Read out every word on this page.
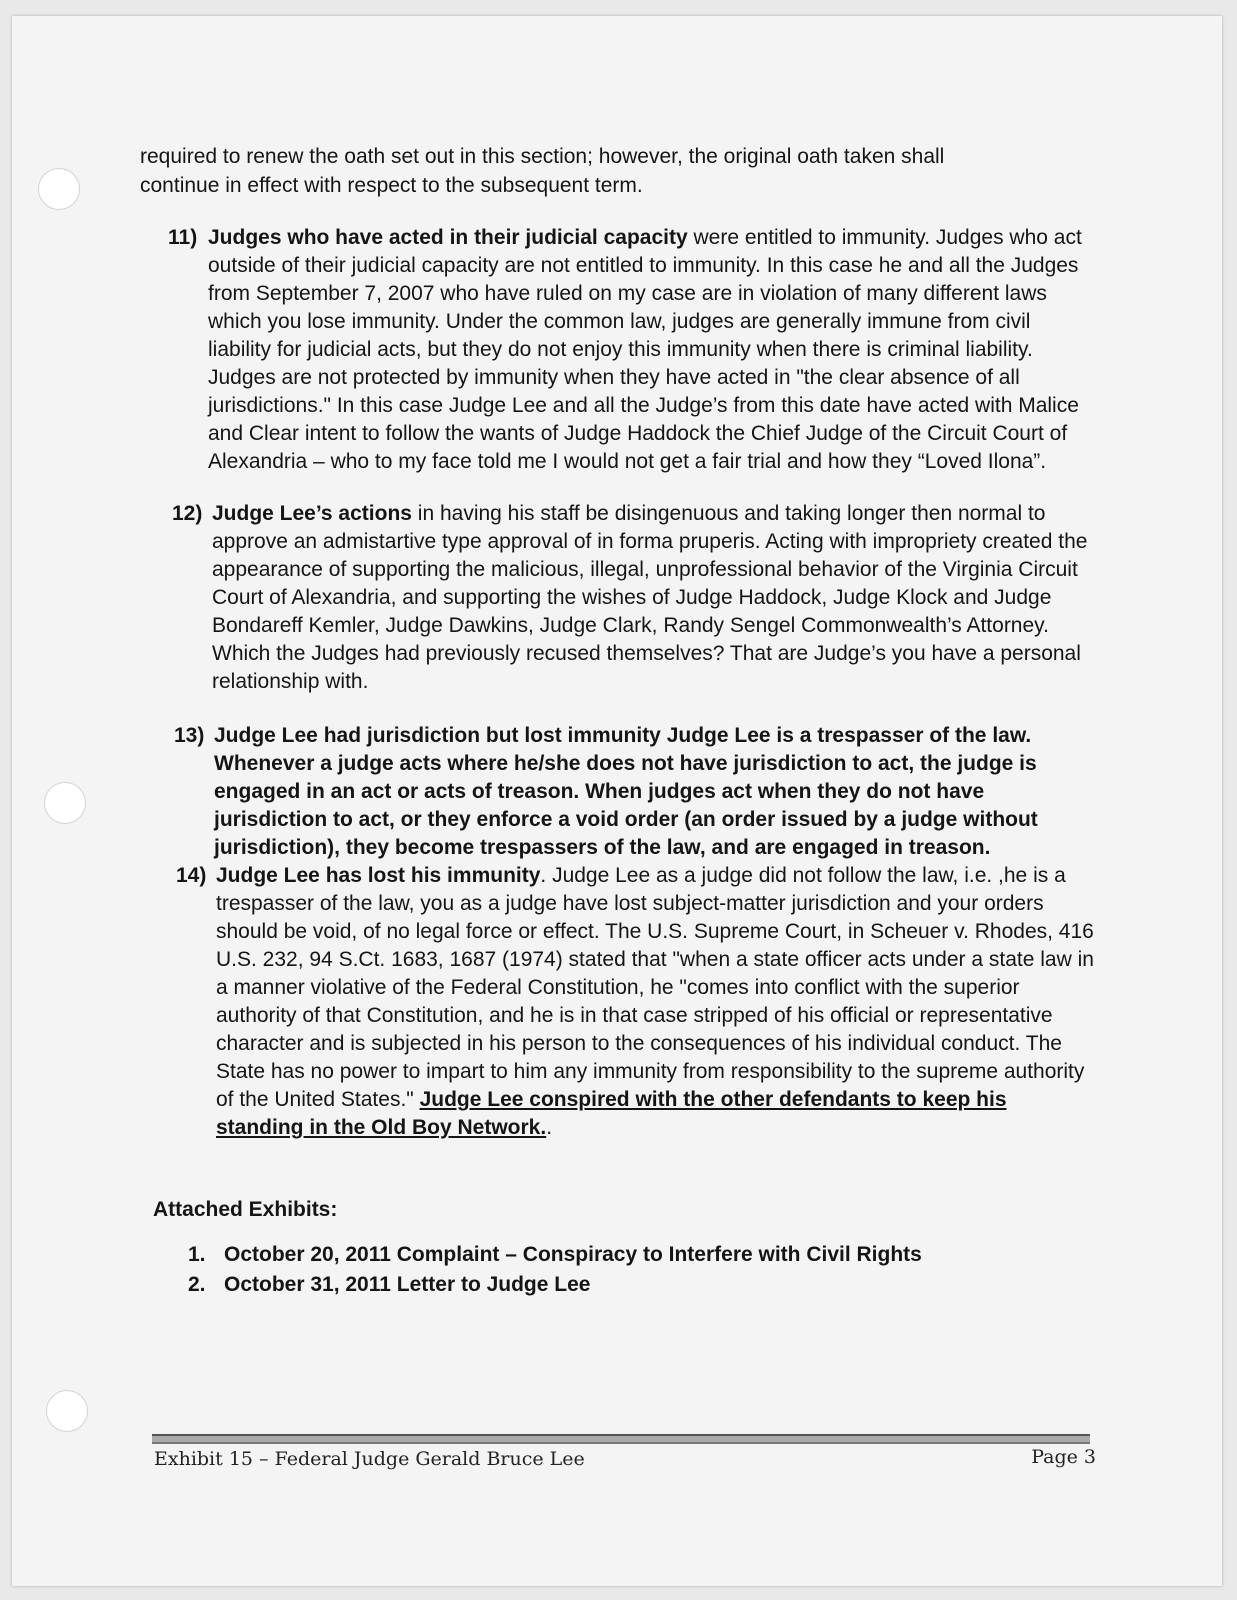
required to renew the oath set out in this section; however, the original oath taken shall
continue in effect with respect to the subsequent term.

11) Judges who have acted in their judicial capacity were entitled to immunity. Judges who act outside of their judicial capacity are not entitled to immunity. In this case he and all the Judges from September 7, 2007 who have ruled on my case are in violation of many different laws which you lose immunity. Under the common law, judges are generally immune from civil liability for judicial acts, but they do not enjoy this immunity when there is criminal liability. Judges are not protected by immunity when they have acted in "the clear absence of all jurisdictions." In this case Judge Lee and all the Judge’s from this date have acted with Malice and Clear intent to follow the wants of Judge Haddock the Chief Judge of the Circuit Court of Alexandria – who to my face told me I would not get a fair trial and how they “Loved Ilona”.

12) Judge Lee’s actions in having his staff be disingenuous and taking longer then normal to approve an admistartive type approval of in forma pruperis. Acting with impropriety created the appearance of supporting the malicious, illegal, unprofessional behavior of the Virginia Circuit Court of Alexandria, and supporting the wishes of Judge Haddock, Judge Klock and Judge Bondareff Kemler, Judge Dawkins, Judge Clark, Randy Sengel Commonwealth’s Attorney. Which the Judges had previously recused themselves? That are Judge’s you have a personal relationship with.

13) Judge Lee had jurisdiction but lost immunity Judge Lee is a trespasser of the law. Whenever a judge acts where he/she does not have jurisdiction to act, the judge is engaged in an act or acts of treason. When judges act when they do not have jurisdiction to act, or they enforce a void order (an order issued by a judge without jurisdiction), they become trespassers of the law, and are engaged in treason.

14) Judge Lee has lost his immunity. Judge Lee as a judge did not follow the law, i.e. ,he is a trespasser of the law, you as a judge have lost subject-matter jurisdiction and your orders should be void, of no legal force or effect. The U.S. Supreme Court, in Scheuer v. Rhodes, 416 U.S. 232, 94 S.Ct. 1683, 1687 (1974) stated that "when a state officer acts under a state law in a manner violative of the Federal Constitution, he "comes into conflict with the superior authority of that Constitution, and he is in that case stripped of his official or representative character and is subjected in his person to the consequences of his individual conduct. The State has no power to impart to him any immunity from responsibility to the supreme authority of the United States." Judge Lee conspired with the other defendants to keep his standing in the Old Boy Network..

Attached Exhibits:
1. October 20, 2011 Complaint – Conspiracy to Interfere with Civil Rights
2. October 31, 2011 Letter to Judge Lee
Exhibit 15 – Federal Judge Gerald Bruce Lee	Page 3
